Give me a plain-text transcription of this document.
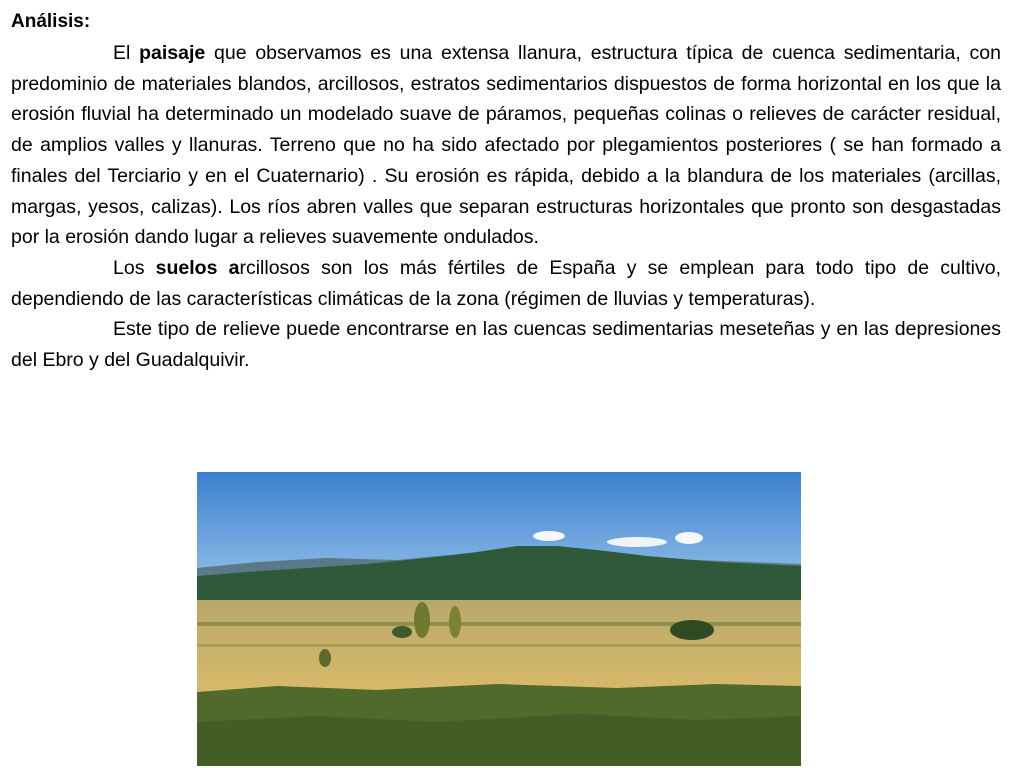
Análisis:

El paisaje que observamos es una extensa llanura, estructura típica de cuenca sedimentaria, con predominio de materiales blandos, arcillosos, estratos sedimentarios dispuestos de forma horizontal en los que la erosión fluvial ha determinado un modelado suave de páramos, pequeñas colinas o relieves de carácter residual, de amplios valles y llanuras. Terreno que no ha sido afectado por plegamientos posteriores ( se han formado a finales del Terciario y en el Cuaternario) . Su erosión es rápida, debido a la blandura de los materiales (arcillas, margas, yesos, calizas). Los ríos abren valles que separan estructuras horizontales que pronto son desgastadas por la erosión dando lugar a relieves suavemente ondulados.

Los suelos arcillosos son los más fértiles de España y se emplean para todo tipo de cultivo, dependiendo de las características climáticas de la zona (régimen de lluvias y temperaturas).

Este tipo de relieve puede encontrarse en las cuencas sedimentarias meseteñas y en las depresiones del Ebro y del Guadalquivir.
